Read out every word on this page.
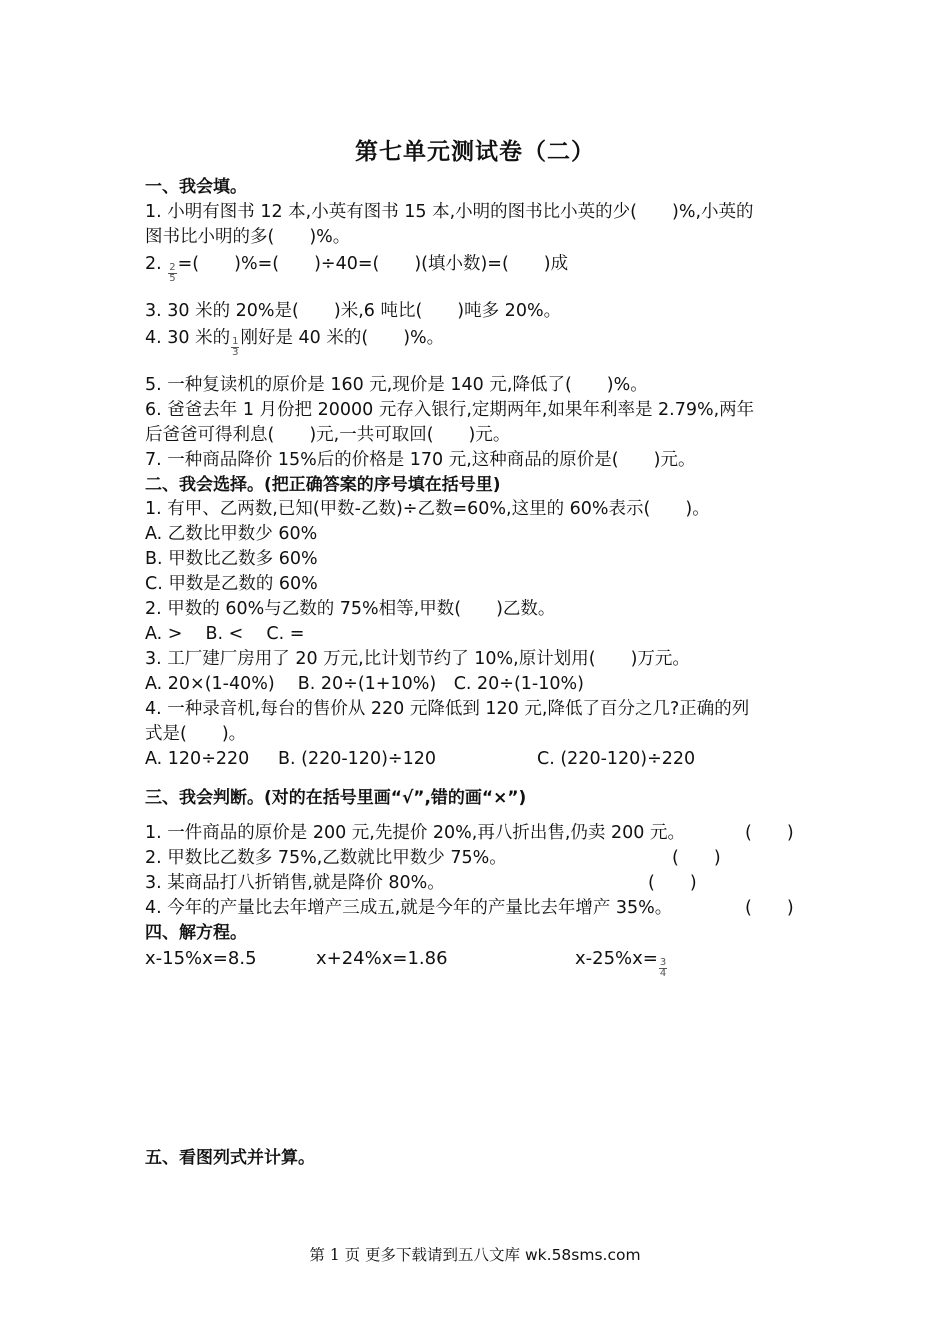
第七单元测试卷（二）
一、我会填。
1. 小明有图书 12 本,小英有图书 15 本,小明的图书比小英的少(　　)%,小英的
图书比小明的多(　　)%。
2. $\frac{2}{5}$ =(　　)%=(　　)÷40=(　　)(填小数)=(　　)成
3. 30 米的 20%是(　　)米,6 吨比(　　)吨多 20%。
4. 30 米的 $\frac{1}{3}$ 刚好是 40 米的(　　)%。
5. 一种复读机的原价是 160 元,现价是 140 元,降低了(　　)%。
6. 爸爸去年 1 月份把 20000 元存入银行,定期两年,如果年利率是 2.79%,两年
后爸爸可得利息(　　)元,一共可取回(　　)元。
7. 一种商品降价 15%后的价格是 170 元,这种商品的原价是(　　)元。
二、我会选择。(把正确答案的序号填在括号里)
1. 有甲、乙两数,已知(甲数-乙数)÷乙数=60%,这里的 60%表示(　　)。
A. 乙数比甲数少 60%
B. 甲数比乙数多 60%
C. 甲数是乙数的 60%
2. 甲数的 60%与乙数的 75%相等,甲数(　　)乙数。
A. >　 B. <　 C. =
3. 工厂建厂房用了 20 万元,比计划节约了 10%,原计划用(　　)万元。
A. 20×(1-40%)　 B. 20÷(1+10%)　C. 20÷(1-10%)
4. 一种录音机,每台的售价从 220 元降低到 120 元,降低了百分之几?正确的列
式是(　　)。
A. 120÷220 B. (220-120)÷120	C. (220-120)÷220
三、我会判断。(对的在括号里画“√”,错的画“×”)
1. 一件商品的原价是 200 元,先提价 20%,再八折出售,仍卖 200 元。	(　　)
2. 甲数比乙数多 75%,乙数就比甲数少 75%。	(　　)
3. 某商品打八折销售,就是降价 80%。	(　　)
4. 今年的产量比去年增产三成五,就是今年的产量比去年增产 35%。	(　　)
四、解方程。
x-15%x=8.5	x+24%x=1.86	$x-25\%x= \frac{3}{4}$
五、看图列式并计算。
第 1 页 更多下载请到五八文库 wk.58sms.com
